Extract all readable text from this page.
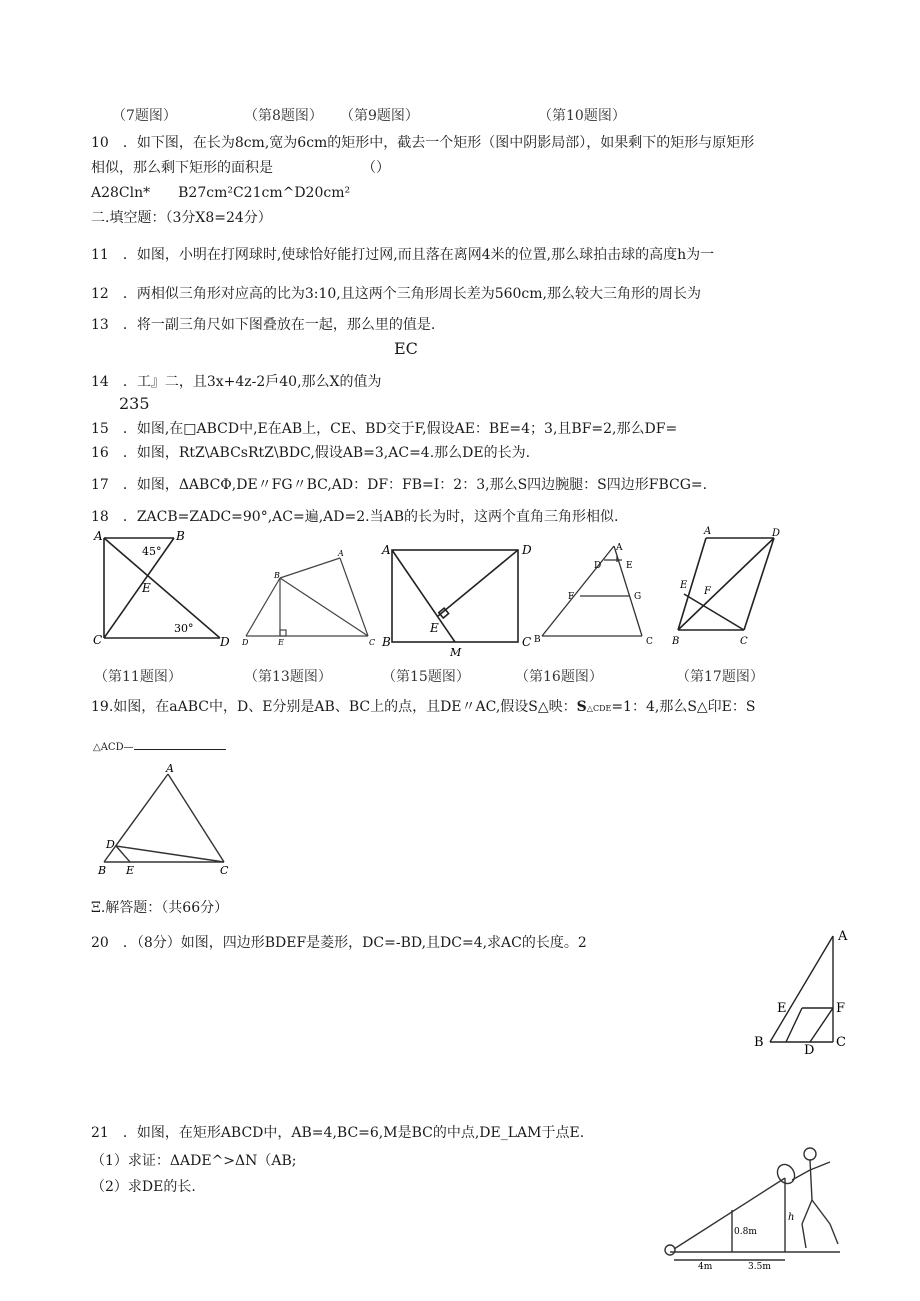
（7题图）	（第8题图） （第9题图）	（第10题图）
10　．如下图，在长为8cm,宽为6cm的矩形中，截去一个矩形（图中阴影局部），如果剩下的矩形与原矩形
相似，那么剩下矩形的面积是	（）
A28Cln*　　B27cm²C21cm^D20cm²
二.填空题：（3分X8=24分）
11　．如图，小明在打网球时,使球恰好能打过网,而且落在离网4米的位置,那么球拍击球的高度h为一
12　．两相似三角形对应高的比为3:10,且这两个三角形周长差为560cm,那么较大三角形的周长为
13　．将一副三角尺如下图叠放在一起，那么里的值是.
EC
14　．工』二，且3x+4z-2戶40,那么X的值为
235
15　．如图,在□ABCD中,E在AB上，CE、BD交于F,假设AE：BE=4；3,且BF=2,那么DF=
16　．如图，RtZ\ABCsRtZ\BDC,假设AB=3,AC=4.那么DE的长为.
17　．如图，ΔABCΦ,DE〃FG〃BC,AD：DF：FB=I：2：3,那么S四边腕腿：S四边形FBCG=.
18　．ZACB=ZADC=90°,AC=遍,AD=2.当AB的长为时，这两个直角三角形相似.
A	B
C	D
E
45°
30°
A
B
C
D	E
A	D
B	C
E
M
A
D	E
F	G
B	C
A	D
E
F
B	C
（第11题图）	（第13题图）	（第15题图）	（第16题图）	（第17题图）
19.如图，在aABC中，D、E分别是AB、BC上的点，且DE〃AC,假设S△映：S△CDE=1：4,那么S△印E：S
△ACD—
A
D
B E	C
Ξ.解答题：（共66分）
20　．（8分）如图，四边形BDEF是菱形，DC=-BD,且DC=4,求AC的长度。2	A
E	F
B
D
C
21　．如图，在矩形ABCD中，AB=4,BC=6,M是BC的中点,DE_LAM于点E.
（1）求证：ΔADE^>ΔN（AB;
（2）求DE的长.
0.8m
h
4m	3.5m
